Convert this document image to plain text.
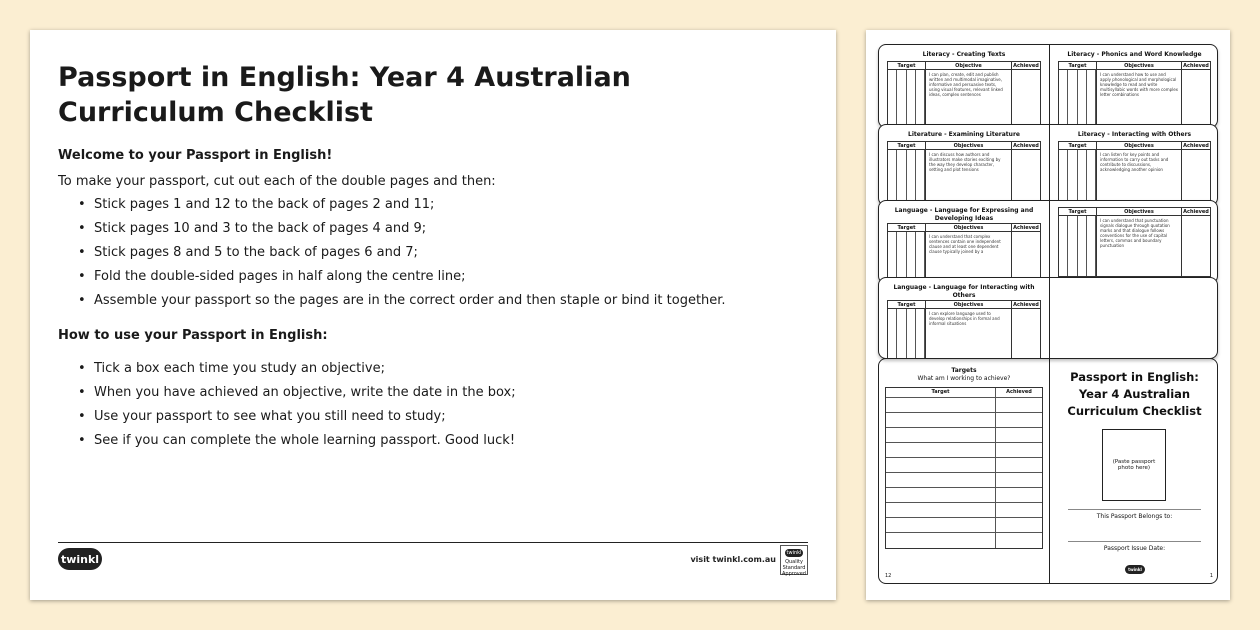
Passport in English: Year 4 Australian Curriculum Checklist
Welcome to your Passport in English!
To make your passport, cut out each of the double pages and then:
• Stick pages 1 and 12 to the back of pages 2 and 11;
• Stick pages 10 and 3 to the back of pages 4 and 9;
• Stick pages 8 and 5 to the back of pages 6 and 7;
• Fold the double-sided pages in half along the centre line;
• Assemble your passport so the pages are in the correct order and then staple or bind it together.
How to use your Passport in English:
• Tick a box each time you study an objective;
• When you have achieved an objective, write the date in the box;
• Use your passport to see what you still need to study;
• See if you can complete the whole learning passport. Good luck!
twinkl	visit twinkl.com.au
twinkl
Quality Standard Approved
Literacy - Creating Texts
Target	Objective	Achieved
I can plan, create, edit and publish written and multimodal imaginative, informative and persuasive texts, using visual features, relevant linked ideas, complex sentences
Literacy - Phonics and Word Knowledge
Target	Objectives	Achieved
I can understand how to use and apply phonological and morphological knowledge to read and write multisyllabic words with more complex letter combinations
Literature - Examining Literature
Target	Objectives	Achieved
I can discuss how authors and illustrators make stories exciting by the way they develop character, setting and plot tensions
Literacy - Interacting with Others
Target	Objectives	Achieved
I can listen for key points and information to carry out tasks and contribute to discussions, acknowledging another opinion
Language - Language for Expressing and Developing Ideas
Target	Objectives	Achieved
I can understand that complex sentences contain one independent clause and at least one dependent clause typically joined by a
Target	Objectives	Achieved
I can understand that punctuation signals dialogue through quotation marks and that dialogue follows conventions for the use of capital letters, commas and boundary punctuation
Language - Language for Interacting with Others
Target	Objectives	Achieved
I can explore language used to develop relationships in formal and informal situations
Targets
What am I working to achieve?
Target	Achieved
12
Passport in English: Year 4 Australian Curriculum Checklist
(Paste passport photo here)
This Passport Belongs to:
Passport Issue Date:
twinkl
1
